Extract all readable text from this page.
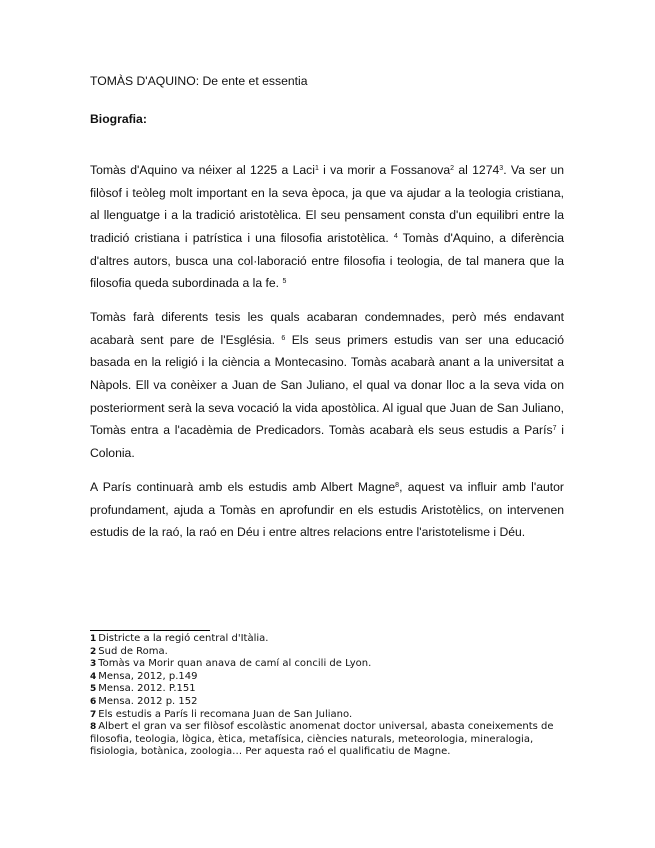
TOMÀS D'AQUINO: De ente et essentia
Biografia:

Tomàs d'Aquino va néixer al 1225 a Laci$^1$ i va morir a Fossanova$^2$ al 1274$^3$. Va ser un filòsof i teòleg molt important en la seva època, ja que va ajudar a la teologia cristiana, al llenguatge i a la tradició aristotèlica. El seu pensament consta d'un equilibri entre la tradició cristiana i patrística i una filosofia aristotèlica. $^4$ Tomàs d'Aquino, a diferència d'altres autors, busca una col·laboració entre filosofia i teologia, de tal manera que la filosofia queda subordinada a la fe. $^5$

Tomàs farà diferents tesis les quals acabaran condemnades, però més endavant acabarà sent pare de l'Església. $^6$ Els seus primers estudis van ser una educació basada en la religió i la ciència a Montecasino. Tomàs acabarà anant a la universitat a Nàpols. Ell va conèixer a Juan de San Juliano, el qual va donar lloc a la seva vida on posteriorment serà la seva vocació la vida apostòlica. Al igual que Juan de San Juliano, Tomàs entra a l'acadèmia de Predicadors. Tomàs acabarà els seus estudis a París$^7$ i Colonia.

A París continuarà amb els estudis amb Albert Magne$^8$, aquest va influir amb l'autor profundament, ajuda a Tomàs en aprofundir en els estudis Aristotèlics, on intervenen estudis de la raó, la raó en Déu i entre altres relacions entre l'aristotelisme i Déu.

1 Districte a la regió central d'Itàlia.

2 Sud de Roma.

3 Tomàs va Morir quan anava de camí al concili de Lyon.

4 Mensa, 2012, p.149

5 Mensa. 2012. P.151

6 Mensa. 2012 p. 152

7 Els estudis a París li recomana Juan de San Juliano.

8 Albert el gran va ser filòsof escolàstic anomenat doctor universal, abasta coneixements de filosofia, teologia, lògica, ètica, metafísica, ciències naturals, meteorologia, mineralogia, fisiologia, botànica, zoologia… Per aquesta raó el qualificatiu de Magne.
